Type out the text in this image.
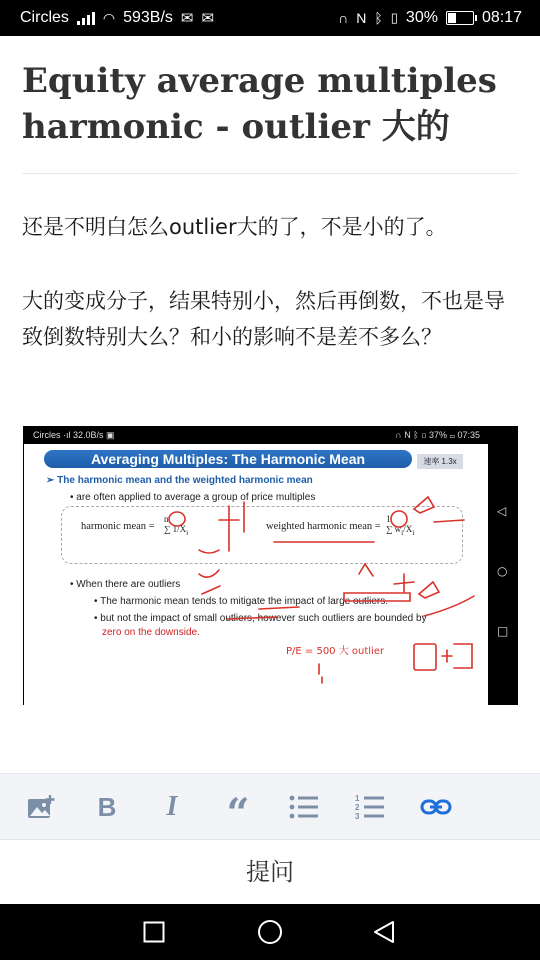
Circles ◠ 593B/s ✉ ✉	∩ N ᛒ ▯ 30%	08:17
Equity average multiples harmonic - outlier 大的

还是不明白怎么outlier大的了，不是小的了。

大的变成分子，结果特别小，然后再倒数，不也是导致倒数特别大么？和小的影响不是差不多么？

Circles ·ıl 32.0B/s ▣	∩ N ᛒ ▯ 37% ▭ 07:35
Averaging Multiples: The Harmonic Mean	速率 1.3x
➢ The harmonic mean and the weighted harmonic mean
• are often applied to average a group of price multiples
harmonic mean =
n
∑ $1/X_i$
weighted harmonic mean =
1
∑ $w_i/X_i$
• When there are outliers
• The harmonic mean tends to mitigate the impact of large outliers.
• but not the impact of small outliers, however such outliers are bounded by
zero on the downside.
P/E = 500 大 outlier
◁
○
□
B I “	1
2
3
提问
